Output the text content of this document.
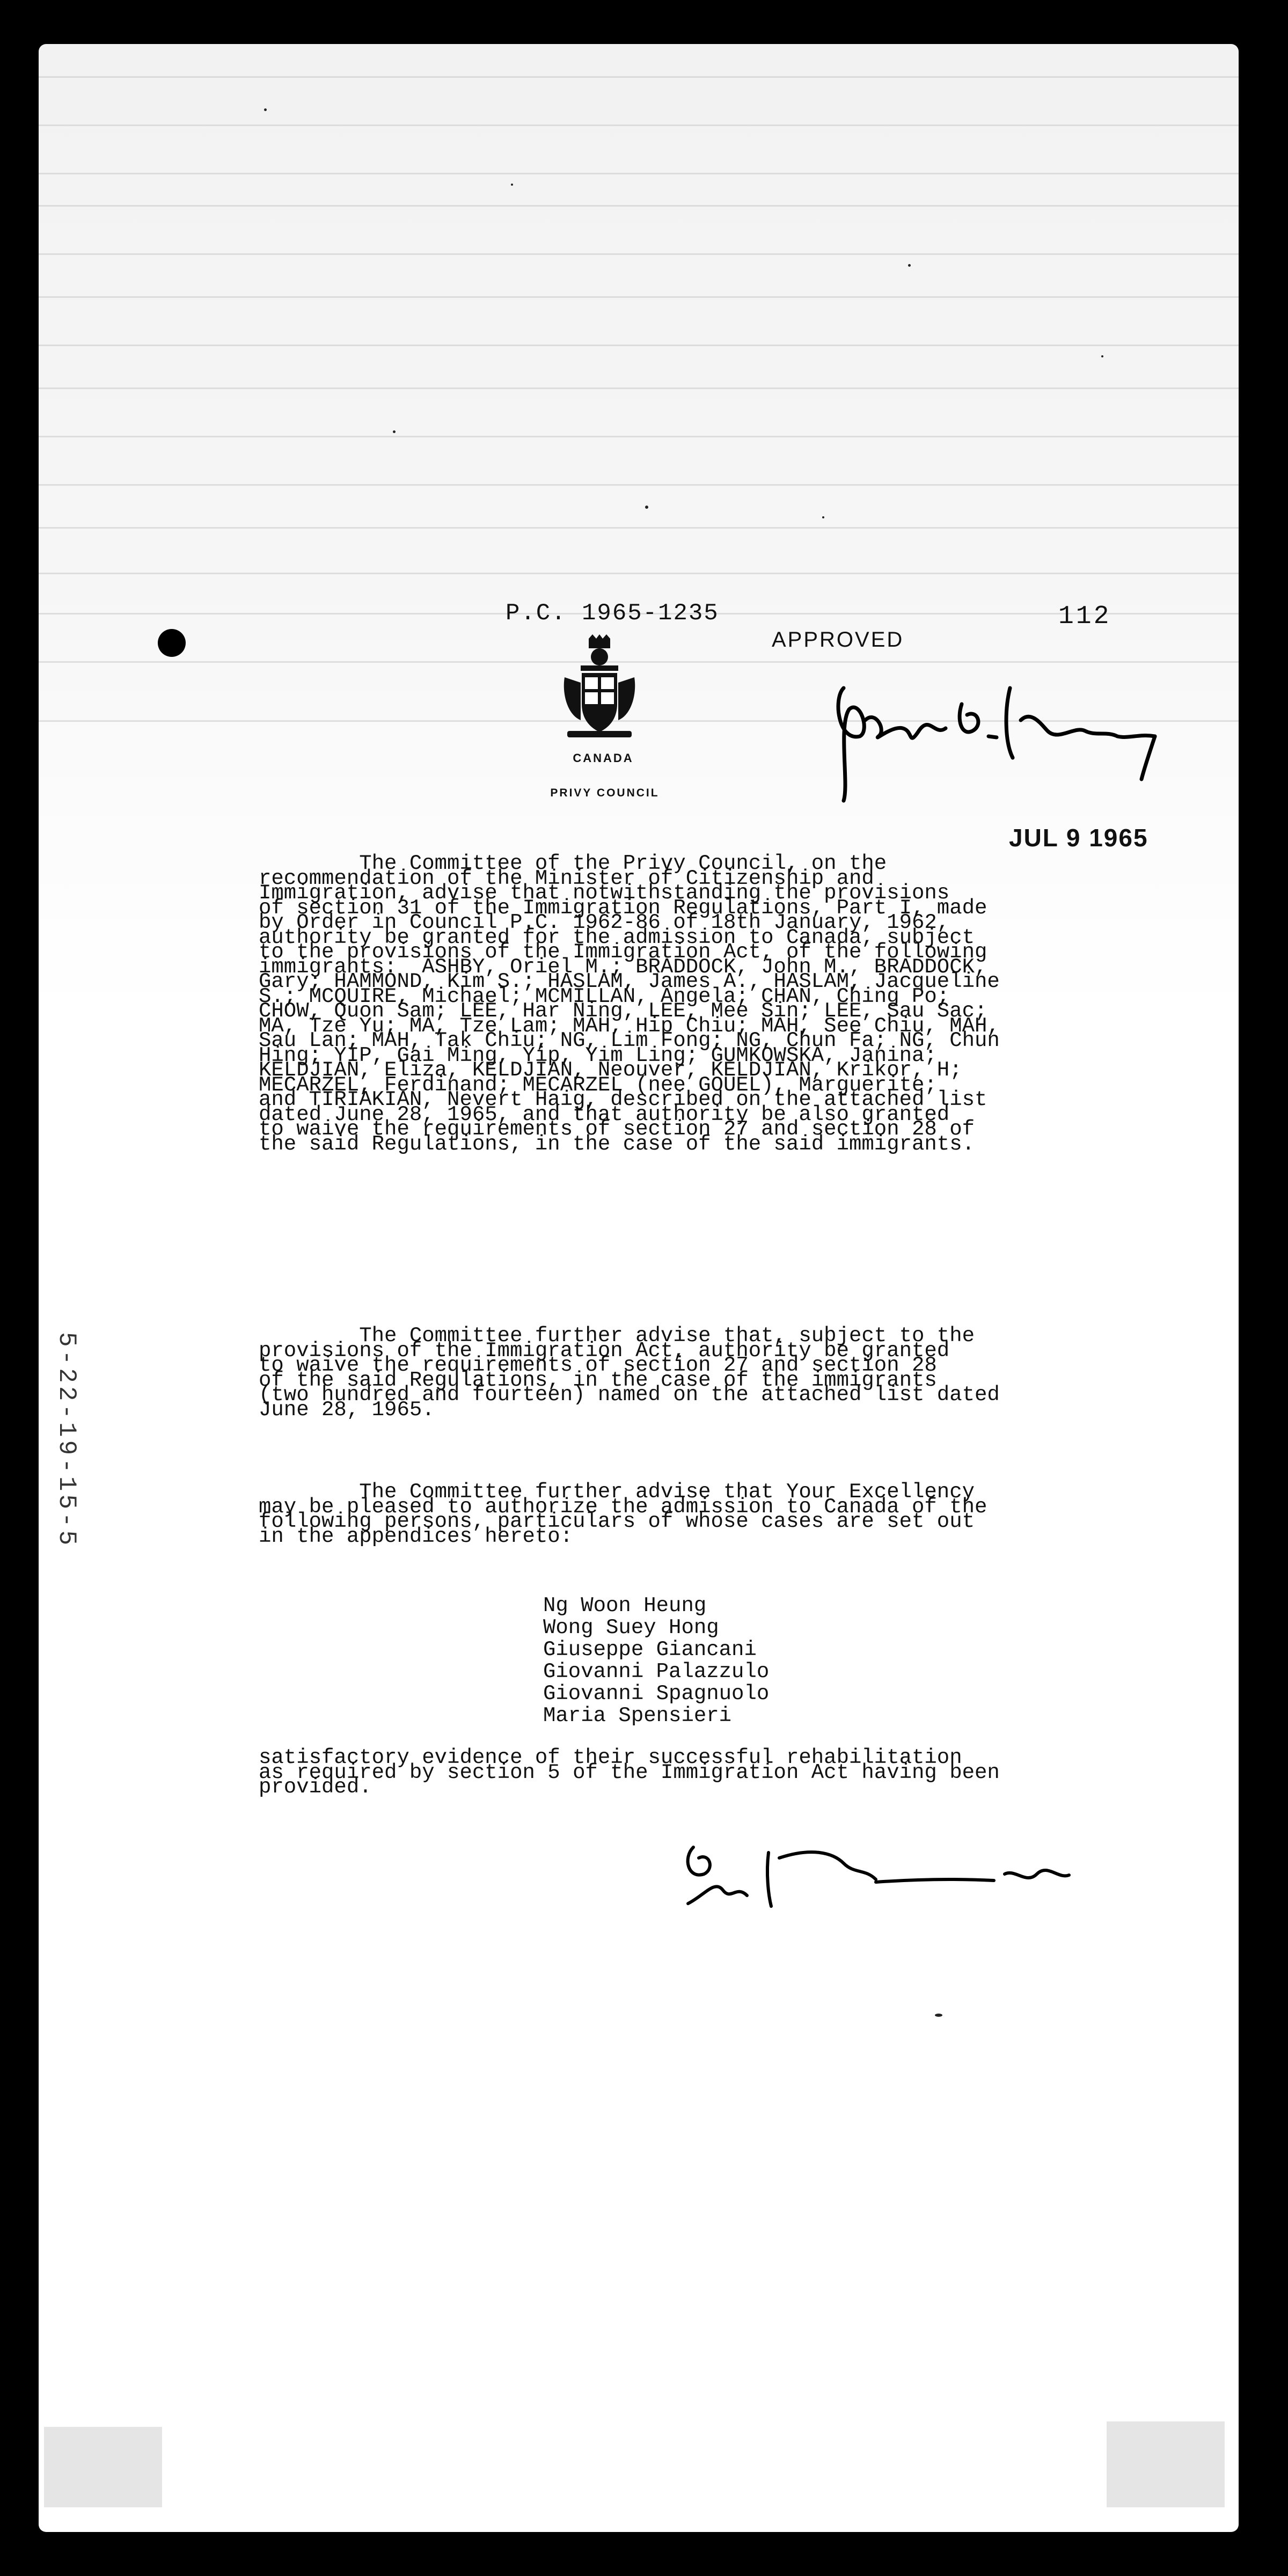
P.C. 1965-1235	112
APPROVED
CANADA
PRIVY COUNCIL
JUL 9 1965
5-22-19-15-5

The Committee of the Privy Council, on the
recommendation of the Minister of Citizenship and
Immigration, advise that notwithstanding the provisions
of section 31 of the Immigration Regulations, Part I, made
by Order in Council P.C. 1962-86 of 18th January, 1962,
authority be granted for the admission to Canada, subject
to the provisions of the Immigration Act, of the following
immigrants:  ASHBY, Oriel M.; BRADDOCK, John M., BRADDOCK,
Gary; HAMMOND, Kim S.; HASLAM, James A., HASLAM, Jacqueline
S.; MCQUIRE, Michael; MCMILLAN, Angela; CHAN, Ching Po;
CHOW, Quon Sam; LEE, Har Ning, LEE, Mee Sin; LEE, Sau Sac;
MA, Tze Yu; MA, Tze Lam; MAH, Hip Chiu; MAH, See Chiu, MAH,
Sau Lan; MAH, Tak Chiu; NG, Lim Fong; NG, Chun Fa; NG, Chun
Hing; YIP, Gai Ming, Yip, Yim Ling; GUMKOWSKA, Janina;
KELDJIAN, Eliza, KELDJIAN, Neouver, KELDJIAN, Krikor, H;
MECARZEL, Ferdinand; MECARZEL (nee GOUEL), Marguerite;
and TIRIAKIAN, Nevert Haig, described on the attached list
dated June 28, 1965, and that authority be also granted
to waive the requirements of section 27 and section 28 of
the said Regulations, in the case of the said immigrants.

The Committee further advise that, subject to the
provisions of the Immigration Act, authority be granted
to waive the requirements of section 27 and section 28
of the said Regulations, in the case of the immigrants
(two hundred and fourteen) named on the attached list dated
June 28, 1965.

The Committee further advise that Your Excellency
may be pleased to authorize the admission to Canada of the
following persons, particulars of whose cases are set out
in the appendices hereto:

Ng Woon Heung
Wong Suey Hong
Giuseppe Giancani
Giovanni Palazzulo
Giovanni Spagnuolo
Maria Spensieri

satisfactory evidence of their successful rehabilitation
as required by section 5 of the Immigration Act having been
provided.
